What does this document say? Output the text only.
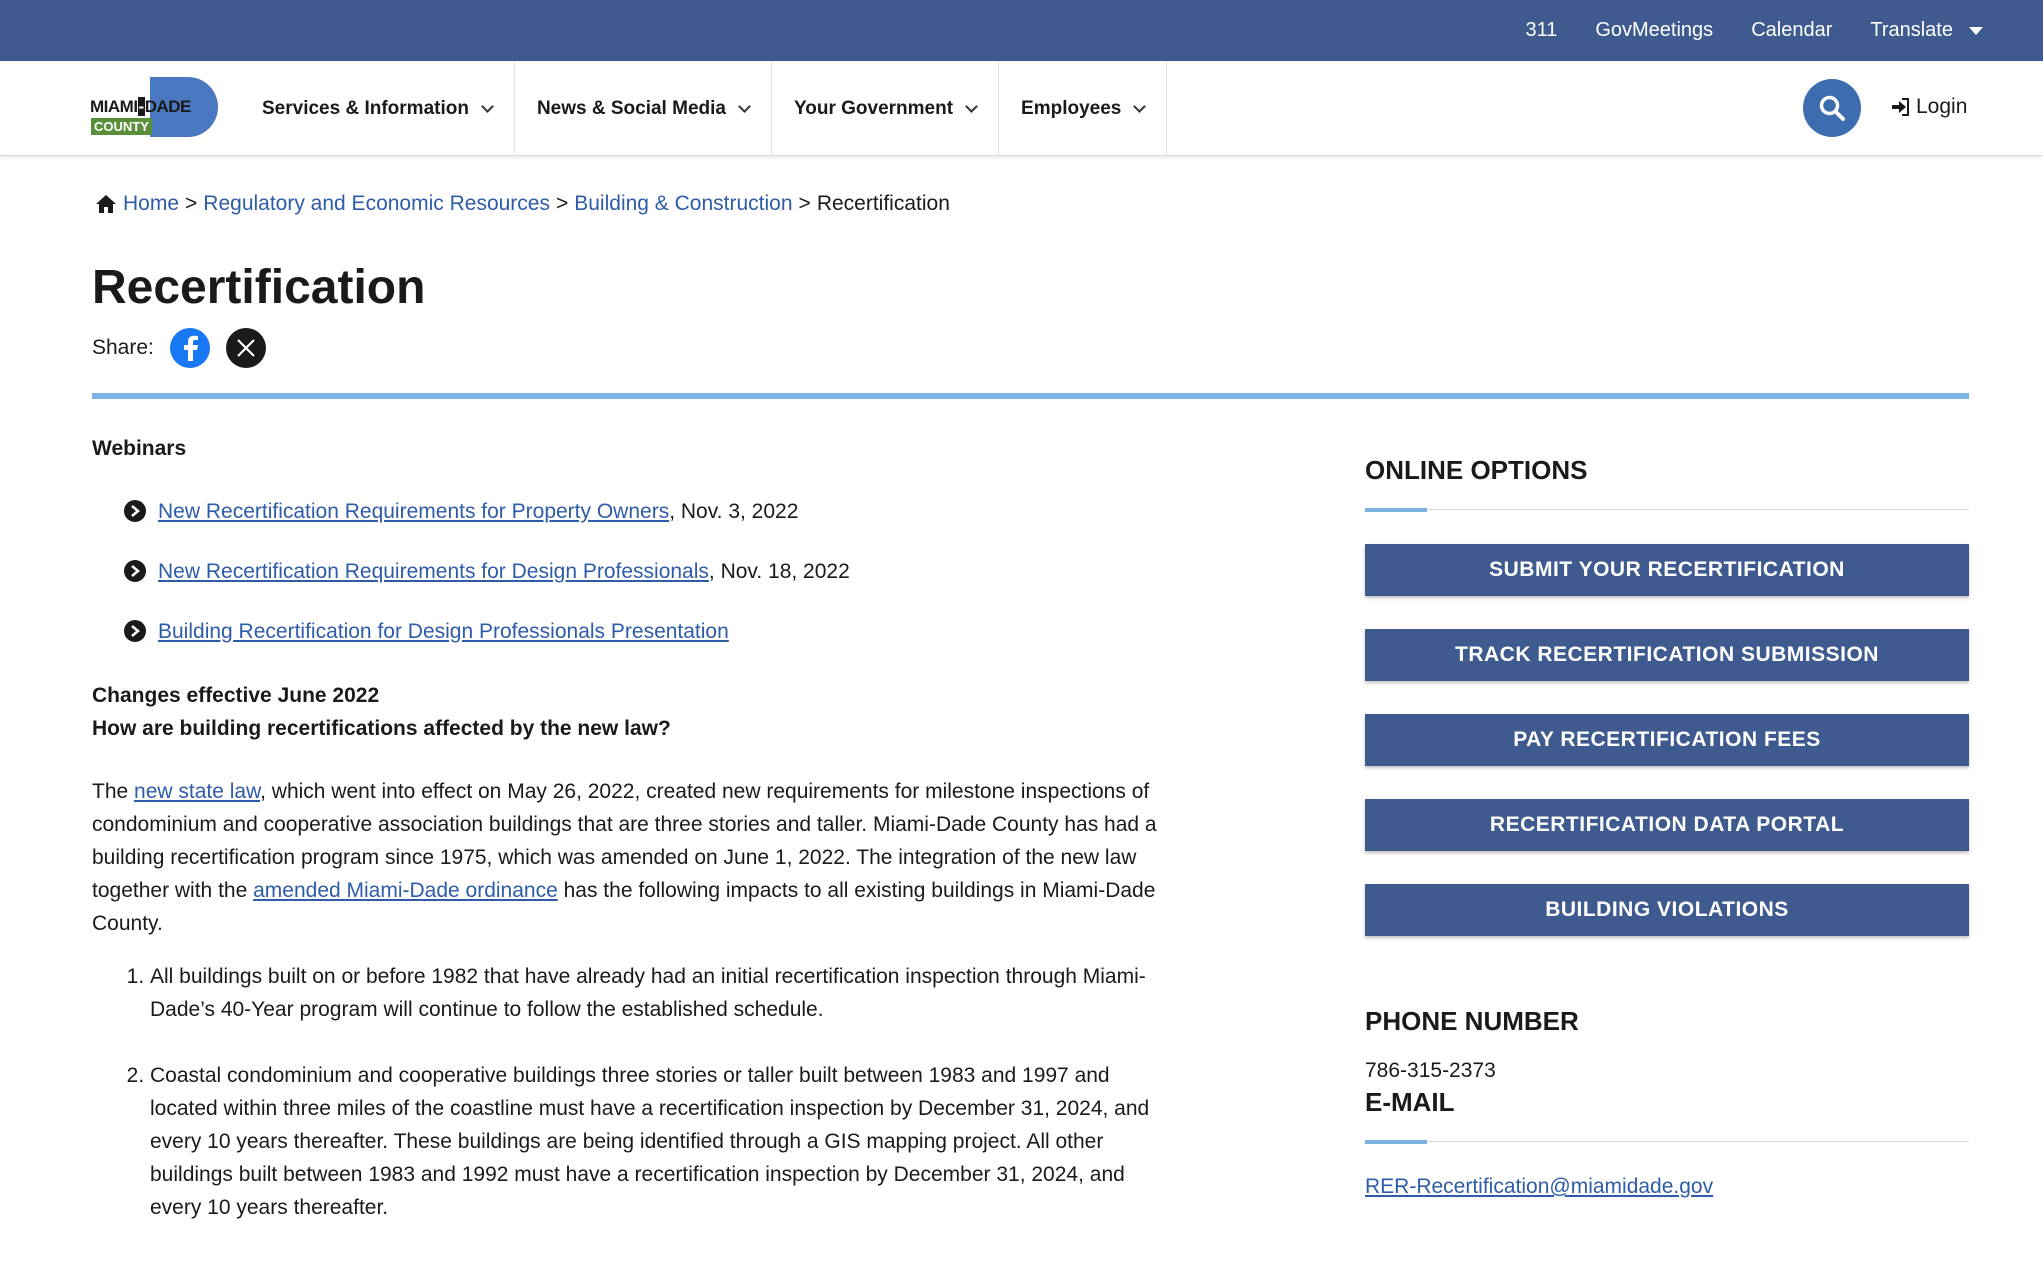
311 GovMeetings Calendar Translate
MIAMI-DADE
COUNTY
Services & Information	News & Social Media	Your Government	Employees	Login
Home > Regulatory and Economic Resources > Building & Construction > Recertification
Recertification
Share:
Webinars
New Recertification Requirements for Property Owners , Nov. 3, 2022
New Recertification Requirements for Design Professionals , Nov. 18, 2022
Building Recertification for Design Professionals Presentation
Changes effective June 2022
How are building recertifications affected by the new law?

The new state law, which went into effect on May 26, 2022, created new requirements for milestone inspections of condominium and cooperative association buildings that are three stories and taller. Miami-Dade County has had a building recertification program since 1975, which was amended on June 1, 2022. The integration of the new law together with the amended Miami-Dade ordinance has the following impacts to all existing buildings in Miami-Dade County.

1. All buildings built on or before 1982 that have already had an initial recertification inspection through Miami-Dade’s 40-Year program will continue to follow the established schedule.
2. Coastal condominium and cooperative buildings three stories or taller built between 1983 and 1997 and located within three miles of the coastline must have a recertification inspection by December 31, 2024, and every 10 years thereafter. These buildings are being identified through a GIS mapping project. All other buildings built between 1983 and 1992 must have a recertification inspection by December 31, 2024, and every 10 years thereafter.
ONLINE OPTIONS
SUBMIT YOUR RECERTIFICATION
TRACK RECERTIFICATION SUBMISSION
PAY RECERTIFICATION FEES
RECERTIFICATION DATA PORTAL
BUILDING VIOLATIONS
PHONE NUMBER
786-315-2373
E-MAIL
RER-Recertification@miamidade.gov
